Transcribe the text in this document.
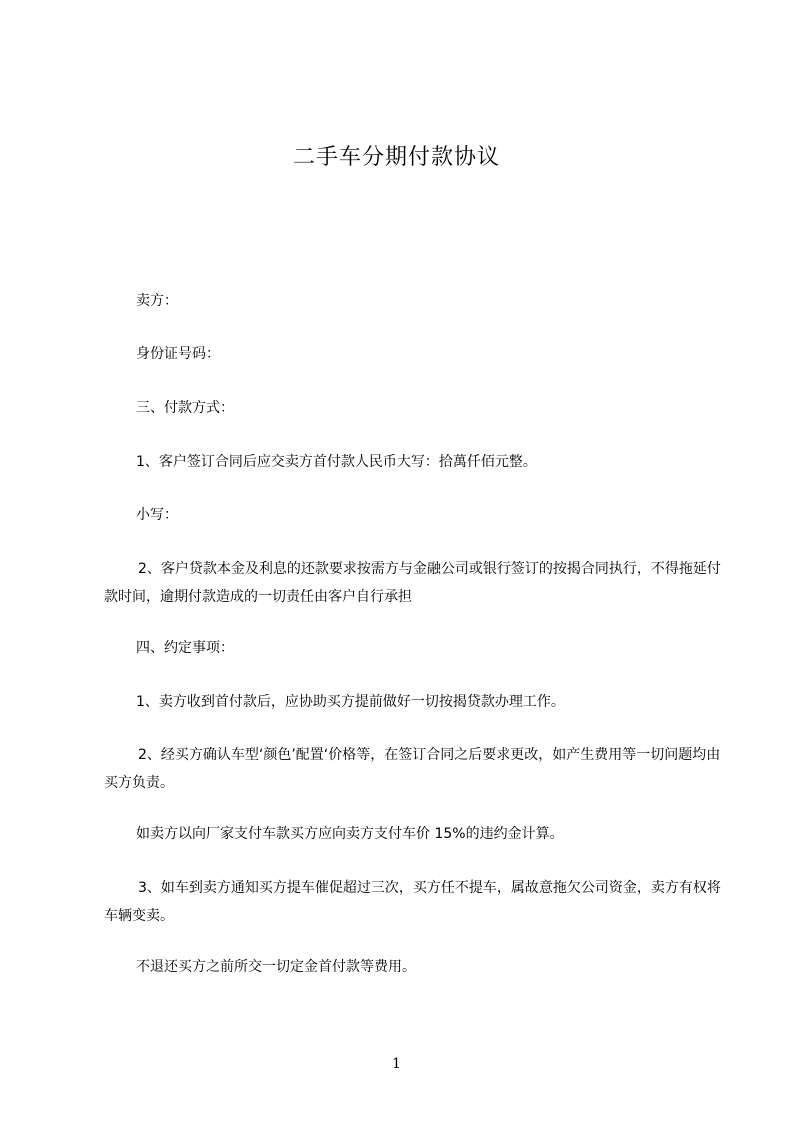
二手车分期付款协议

卖方：

身份证号码：

三、付款方式：

1、客户签订合同后应交卖方首付款人民币大写：拾萬仟佰元整。

小写：

2、客户贷款本金及利息的还款要求按需方与金融公司或银行签订的按揭合同执行，不得拖延付款时间，逾期付款造成的一切责任由客户自行承担

四、约定事项：

1、卖方收到首付款后，应协助买方提前做好一切按揭贷款办理工作。

2、经买方确认车型‘颜色’配置‘价格等，在签订合同之后要求更改，如产生费用等一切问题均由买方负责。

如卖方以向厂家支付车款买方应向卖方支付车价 15%的违约金计算。

3、如车到卖方通知买方提车催促超过三次，买方任不提车，属故意拖欠公司资金，卖方有权将车辆变卖。

不退还买方之前所交一切定金首付款等费用。

1
